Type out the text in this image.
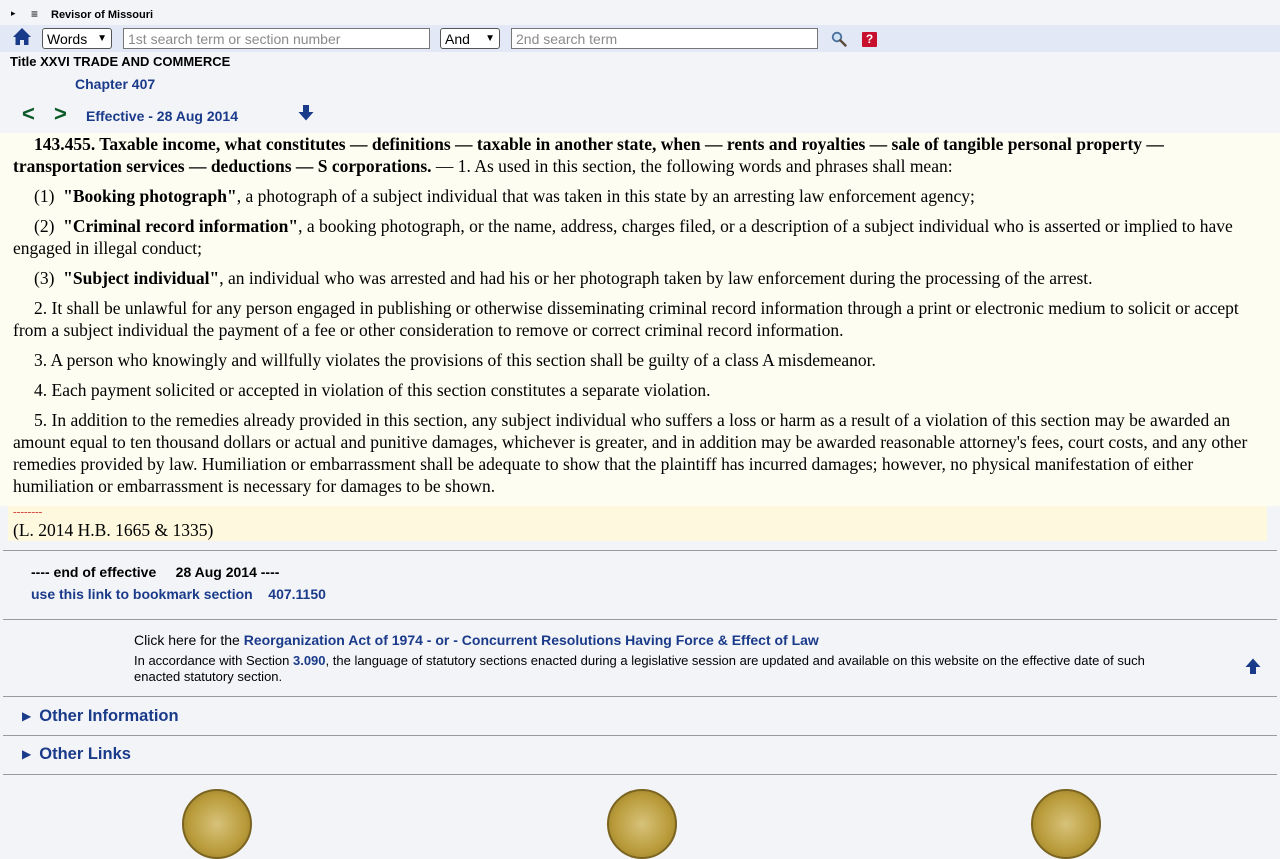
▸ ≡ Revisor of Missouri
Words ▼
1st search term or section number	And ▼
2nd search term	?
Title XXVI TRADE AND COMMERCE
Chapter 407
< > Effective - 28 Aug 2014

143.455. Taxable income, what constitutes — definitions — taxable in another state, when — rents and royalties — sale of tangible personal property — transportation services — deductions — S corporations. — 1. As used in this section, the following words and phrases shall mean:

(1) "Booking photograph", a photograph of a subject individual that was taken in this state by an arresting law enforcement agency;

(2) "Criminal record information", a booking photograph, or the name, address, charges filed, or a description of a subject individual who is asserted or implied to have engaged in illegal conduct;

(3) "Subject individual", an individual who was arrested and had his or her photograph taken by law enforcement during the processing of the arrest.

2. It shall be unlawful for any person engaged in publishing or otherwise disseminating criminal record information through a print or electronic medium to solicit or accept from a subject individual the payment of a fee or other consideration to remove or correct criminal record information.

3. A person who knowingly and willfully violates the provisions of this section shall be guilty of a class A misdemeanor.

4. Each payment solicited or accepted in violation of this section constitutes a separate violation.

5. In addition to the remedies already provided in this section, any subject individual who suffers a loss or harm as a result of a violation of this section may be awarded an amount equal to ten thousand dollars or actual and punitive damages, whichever is greater, and in addition may be awarded reasonable attorney's fees, court costs, and any other remedies provided by law. Humiliation or embarrassment shall be adequate to show that the plaintiff has incurred damages; however, no physical manifestation of either humiliation or embarrassment is necessary for damages to be shown.

--------
(L. 2014 H.B. 1665 & 1335)
---- end of effective     28 Aug 2014 ----
use this link to bookmark section 407.1150
Click here for the Reorganization Act of 1974 - or - Concurrent Resolutions Having Force & Effect of Law
In accordance with Section 3.090, the language of statutory sections enacted during a legislative session are updated and available on this website on the effective date of such enacted statutory section.
▶ Other Information
▶ Other Links
